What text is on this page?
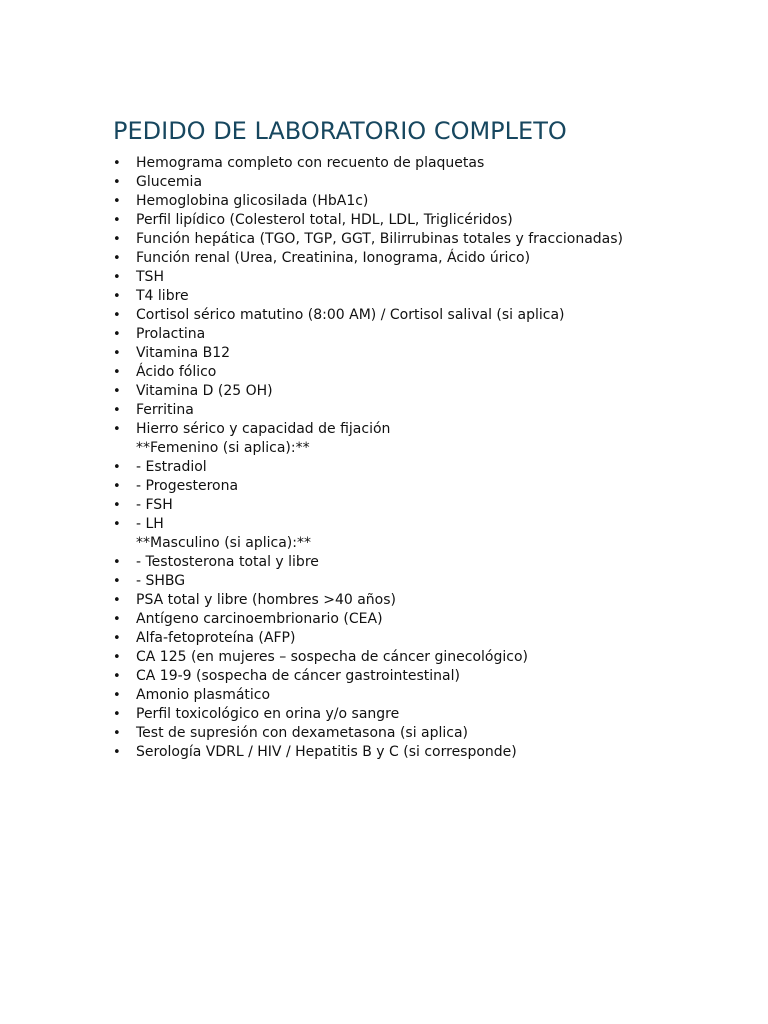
PEDIDO DE LABORATORIO COMPLETO
•	Hemograma completo con recuento de plaquetas
•	Glucemia
•	Hemoglobina glicosilada (HbA1c)
•	Perfil lipídico (Colesterol total, HDL, LDL, Triglicéridos)
•	Función hepática (TGO, TGP, GGT, Bilirrubinas totales y fraccionadas)
•	Función renal (Urea, Creatinina, Ionograma, Ácido úrico)
•	TSH
•	T4 libre
•	Cortisol sérico matutino (8:00 AM) / Cortisol salival (si aplica)
•	Prolactina
•	Vitamina B12
•	Ácido fólico
•	Vitamina D (25 OH)
•	Ferritina
•	Hierro sérico y capacidad de fijación
**Femenino (si aplica):**
•	- Estradiol
•	- Progesterona
•	- FSH
•	- LH
**Masculino (si aplica):**
•	- Testosterona total y libre
•	- SHBG
•	PSA total y libre (hombres >40 años)
•	Antígeno carcinoembrionario (CEA)
•	Alfa-fetoproteína (AFP)
•	CA 125 (en mujeres – sospecha de cáncer ginecológico)
•	CA 19-9 (sospecha de cáncer gastrointestinal)
•	Amonio plasmático
•	Perfil toxicológico en orina y/o sangre
•	Test de supresión con dexametasona (si aplica)
•	Serología VDRL / HIV / Hepatitis B y C (si corresponde)
